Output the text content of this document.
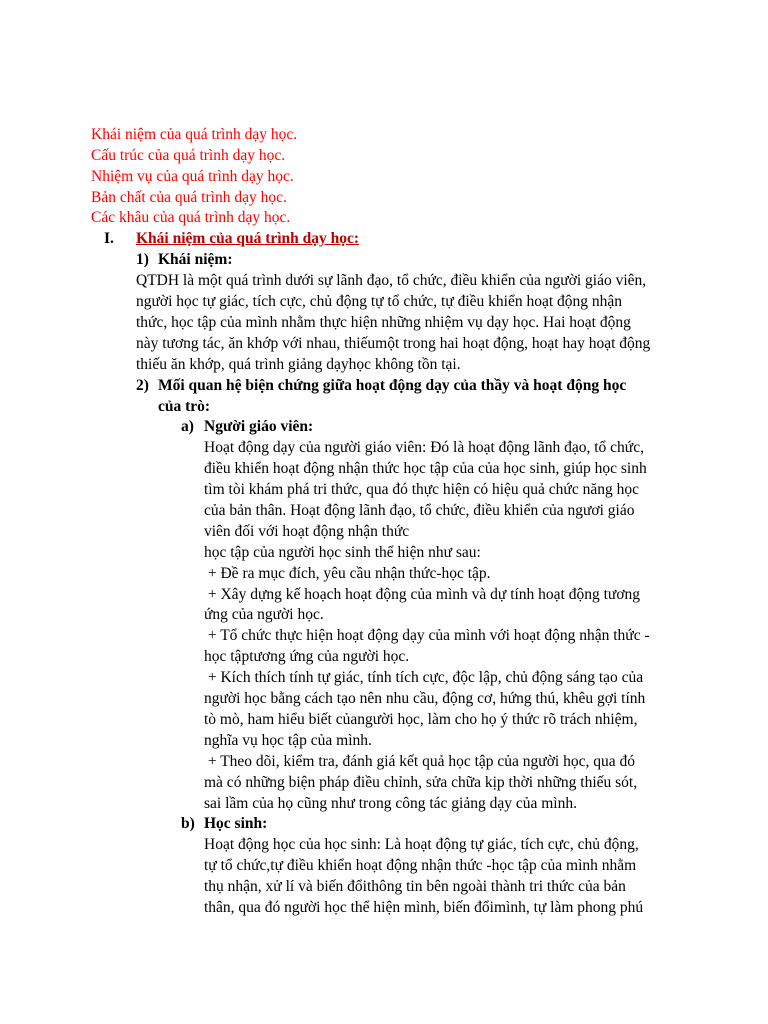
Khái niệm của quá trình dạy học.
Cấu trúc của quá trình dạy học.
Nhiệm vụ của quá trình dạy học.
Bản chất của quá trình dạy học.
Các khâu của quá trình dạy học.
I. Khái niệm của quá trình dạy học:
1) Khái niệm:
QTDH là một quá trình dưới sự lãnh đạo, tổ chức, điều khiển của người giáo viên,
người học tự giác, tích cực, chủ động tự tổ chức, tự điều khiển hoạt động nhận
thức, học tập của mình nhằm thực hiện những nhiệm vụ dạy học. Hai hoạt động
này tương tác, ăn khớp với nhau, thiếumột trong hai hoạt động, hoạt hay hoạt động
thiếu ăn khớp, quá trình giảng dạyhọc không tồn tại.
2) Mối quan hệ biện chứng giữa hoạt động dạy của thầy và hoạt động học
của trò:
a) Người giáo viên:
Hoạt động dạy của người giáo viên: Đó là hoạt động lãnh đạo, tổ chức,
điều khiển hoạt động nhận thức học tập của của học sinh, giúp học sinh
tìm tòi khám phá tri thức, qua đó thực hiện có hiệu quả chức năng học
của bản thân. Hoạt động lãnh đạo, tổ chức, điều khiển của ngươi giáo
viên đối với hoạt động nhận thức
học tập của người học sinh thể hiện như sau:
+ Đề ra mục đích, yêu cầu nhận thức-học tập.
+ Xây dựng kế hoạch hoạt động của mình và dự tính hoạt động tương
ứng của người học.
+ Tổ chức thực hiện hoạt động dạy của mình với hoạt động nhận thức -
học tậptương ứng của người học.
+ Kích thích tính tự giác, tính tích cực, độc lập, chủ động sáng tạo của
người học bằng cách tạo nên nhu cầu, động cơ, hứng thú, khêu gợi tính
tò mò, ham hiểu biết củangười học, làm cho họ ý thức rõ trách nhiệm,
nghĩa vụ học tập của mình.
+ Theo dõi, kiểm tra, đánh giá kết quả học tập của người học, qua đó
mà có những biện pháp điều chỉnh, sửa chữa kịp thời những thiếu sót,
sai lầm của họ cũng như trong công tác giảng dạy của mình.
b) Học sinh:
Hoạt động học của học sinh: Là hoạt động tự giác, tích cực, chủ động,
tự tổ chức,tự điều khiển hoạt động nhận thức -học tập của mình nhằm
thụ nhận, xử lí và biến đổithông tin bên ngoài thành tri thức của bản
thân, qua đó người học thể hiện mình, biến đổimình, tự làm phong phú
